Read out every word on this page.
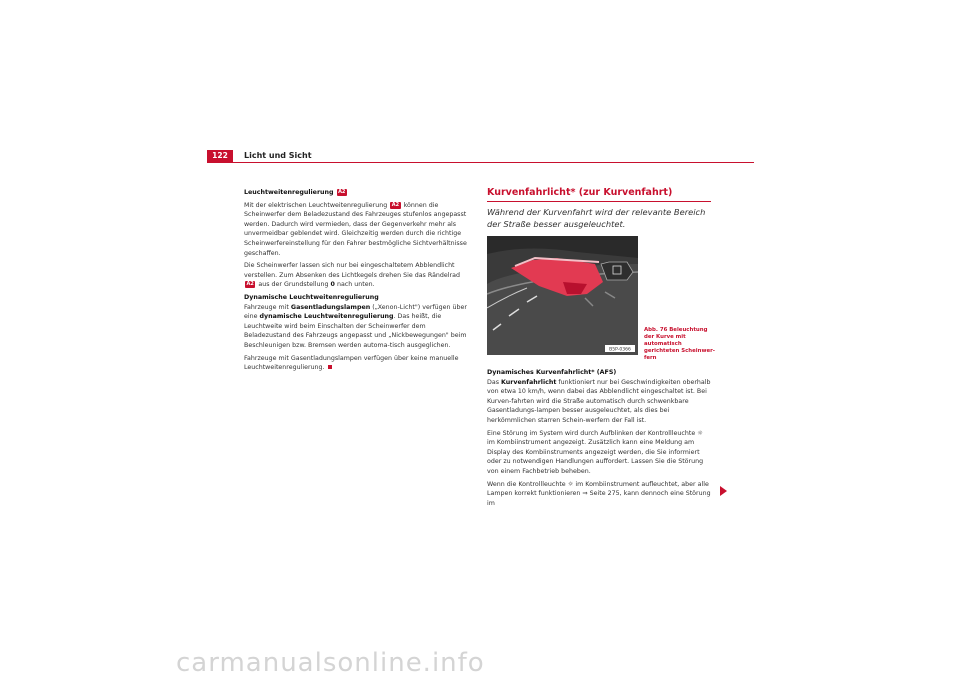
122	Licht und Sicht

Leuchtweitenregulierung A2

Mit der elektrischen Leuchtweitenregulierung A2 können die Scheinwerfer dem Beladezustand des Fahrzeuges stufenlos angepasst werden. Dadurch wird vermieden, dass der Gegenverkehr mehr als unvermeidbar geblendet wird. Gleichzeitig werden durch die richtige Scheinwerfereinstellung für den Fahrer bestmögliche Sichtverhältnisse geschaffen.

Die Scheinwerfer lassen sich nur bei eingeschaltetem Abblendlicht verstellen. Zum Absenken des Lichtkegels drehen Sie das Rändelrad A2 aus der Grundstellung 0 nach unten.

Dynamische Leuchtweitenregulierung

Fahrzeuge mit Gasentladungslampen („Xenon-Licht") verfügen über eine dynamische Leuchtweitenregulierung. Das heißt, die Leuchtweite wird beim Einschalten der Scheinwerfer dem Beladezustand des Fahrzeugs angepasst und „Nickbewegungen" beim Beschleunigen bzw. Bremsen werden automa-tisch ausgeglichen.

Fahrzeuge mit Gasentladungslampen verfügen über keine manuelle Leuchtweitenregulierung.

Kurvenfahrlicht* (zur Kurvenfahrt)
Während der Kurvenfahrt wird der relevante Bereich der Straße besser ausgeleuchtet.
B5P-0366
Abb. 76 Beleuchtung der Kurve mit automatisch gerichteten Scheinwer-fern

Dynamisches Kurvenfahrlicht* (AFS)

Das Kurvenfahrlicht funktioniert nur bei Geschwindigkeiten oberhalb von etwa 10 km/h, wenn dabei das Abblendlicht eingeschaltet ist. Bei Kurven-fahrten wird die Straße automatisch durch schwenkbare Gasentladungs-lampen besser ausgeleuchtet, als dies bei herkömmlichen starren Schein-werfern der Fall ist.

Eine Störung im System wird durch Aufblinken der Kontrollleuchte ☼ im Kombiinstrument angezeigt. Zusätzlich kann eine Meldung am Display des Kombiinstruments angezeigt werden, die Sie informiert oder zu notwendigen Handlungen auffordert. Lassen Sie die Störung von einem Fachbetrieb beheben.

Wenn die Kontrollleuchte ☼ im Kombiinstrument aufleuchtet, aber alle Lampen korrekt funktionieren ⇒ Seite 275, kann dennoch eine Störung im

carmanualsonline.info
